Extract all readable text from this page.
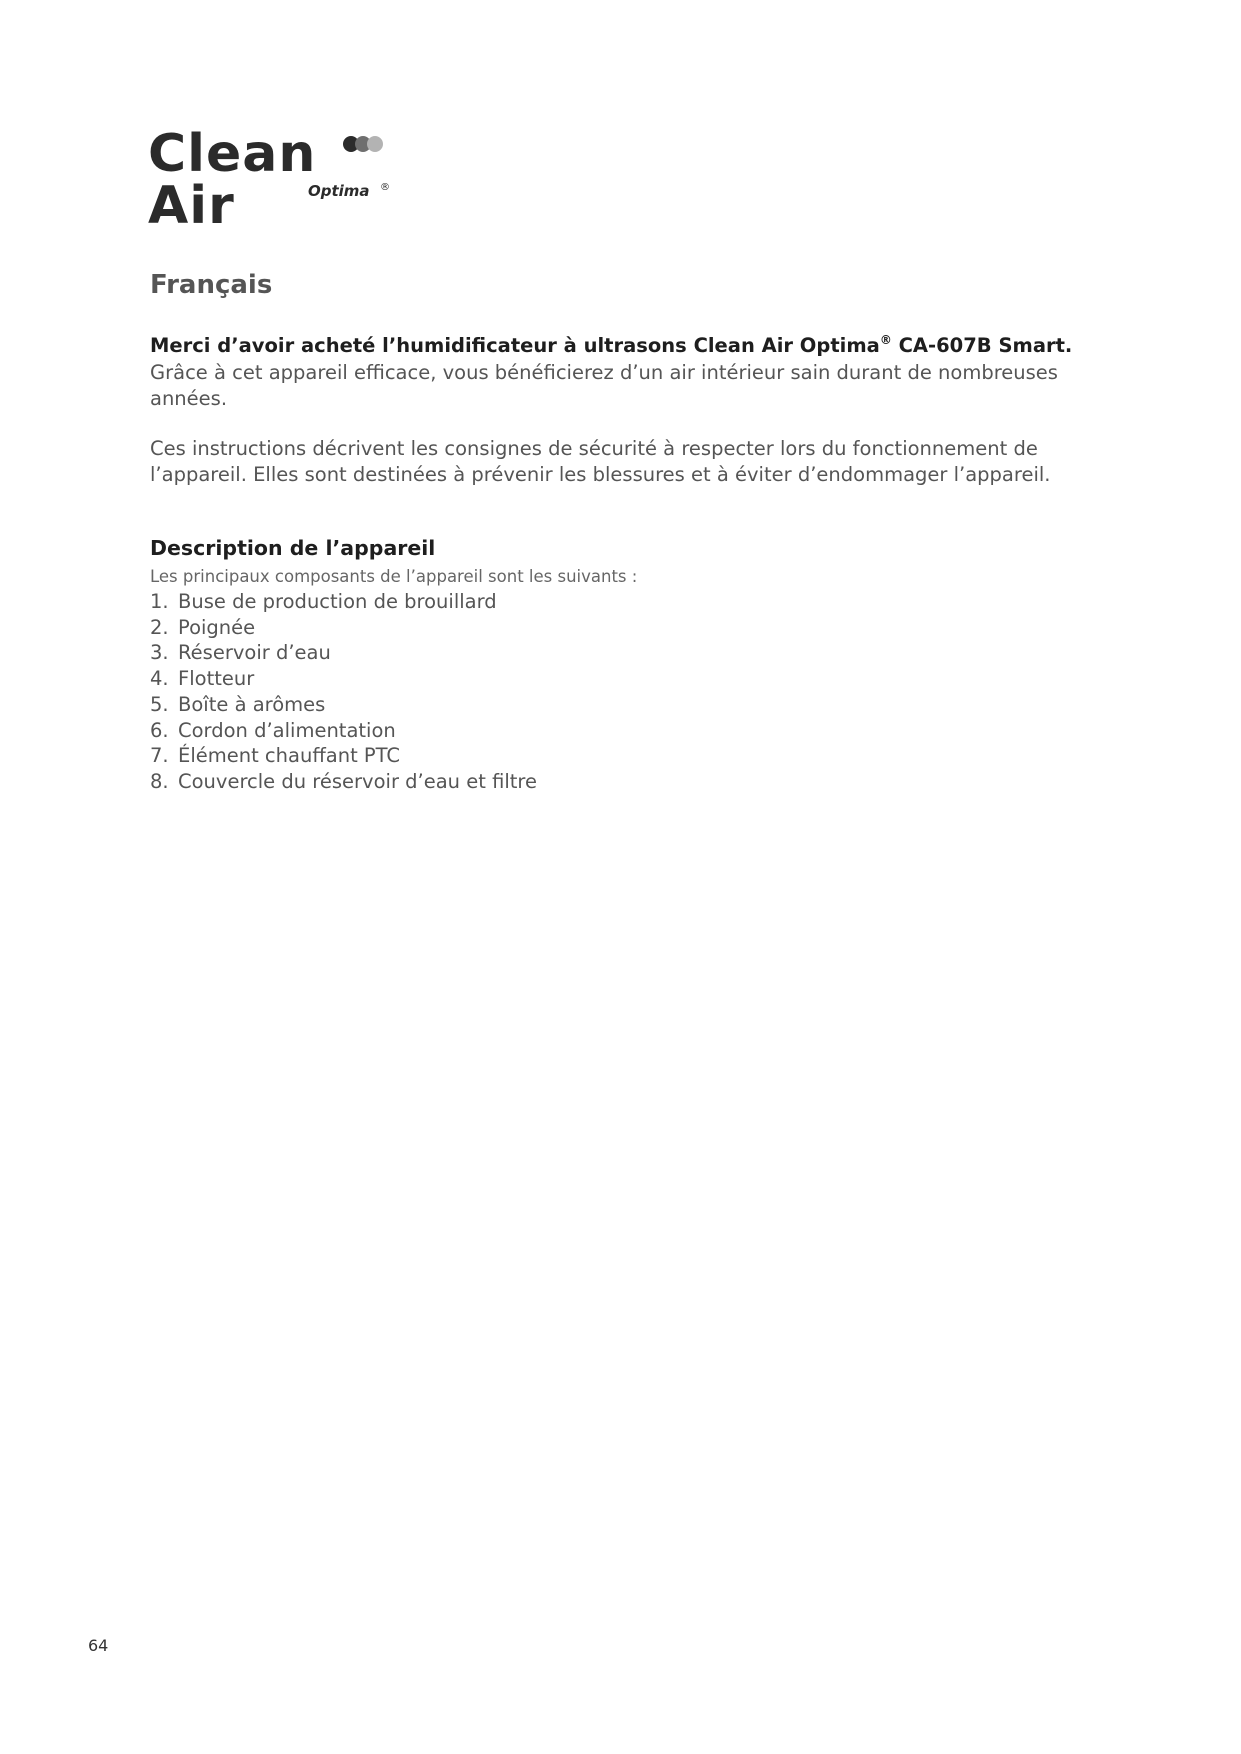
Clean Air	Optima ®
Français
Merci d’avoir acheté l’humidificateur à ultrasons Clean Air Optima® CA-607B Smart.

Grâce à cet appareil efficace, vous bénéficierez d’un air intérieur sain durant de nombreuses années.

Ces instructions décrivent les consignes de sécurité à respecter lors du fonctionnement de l’appareil. Elles sont destinées à prévenir les blessures et à éviter d’endommager l’appareil.

Description de l’appareil

Les principaux composants de l’appareil sont les suivants :

1. Buse de production de brouillard
2. Poignée
3. Réservoir d’eau
4. Flotteur
5. Boîte à arômes
6. Cordon d’alimentation
7. Élément chauffant PTC
8. Couvercle du réservoir d’eau et filtre
64
